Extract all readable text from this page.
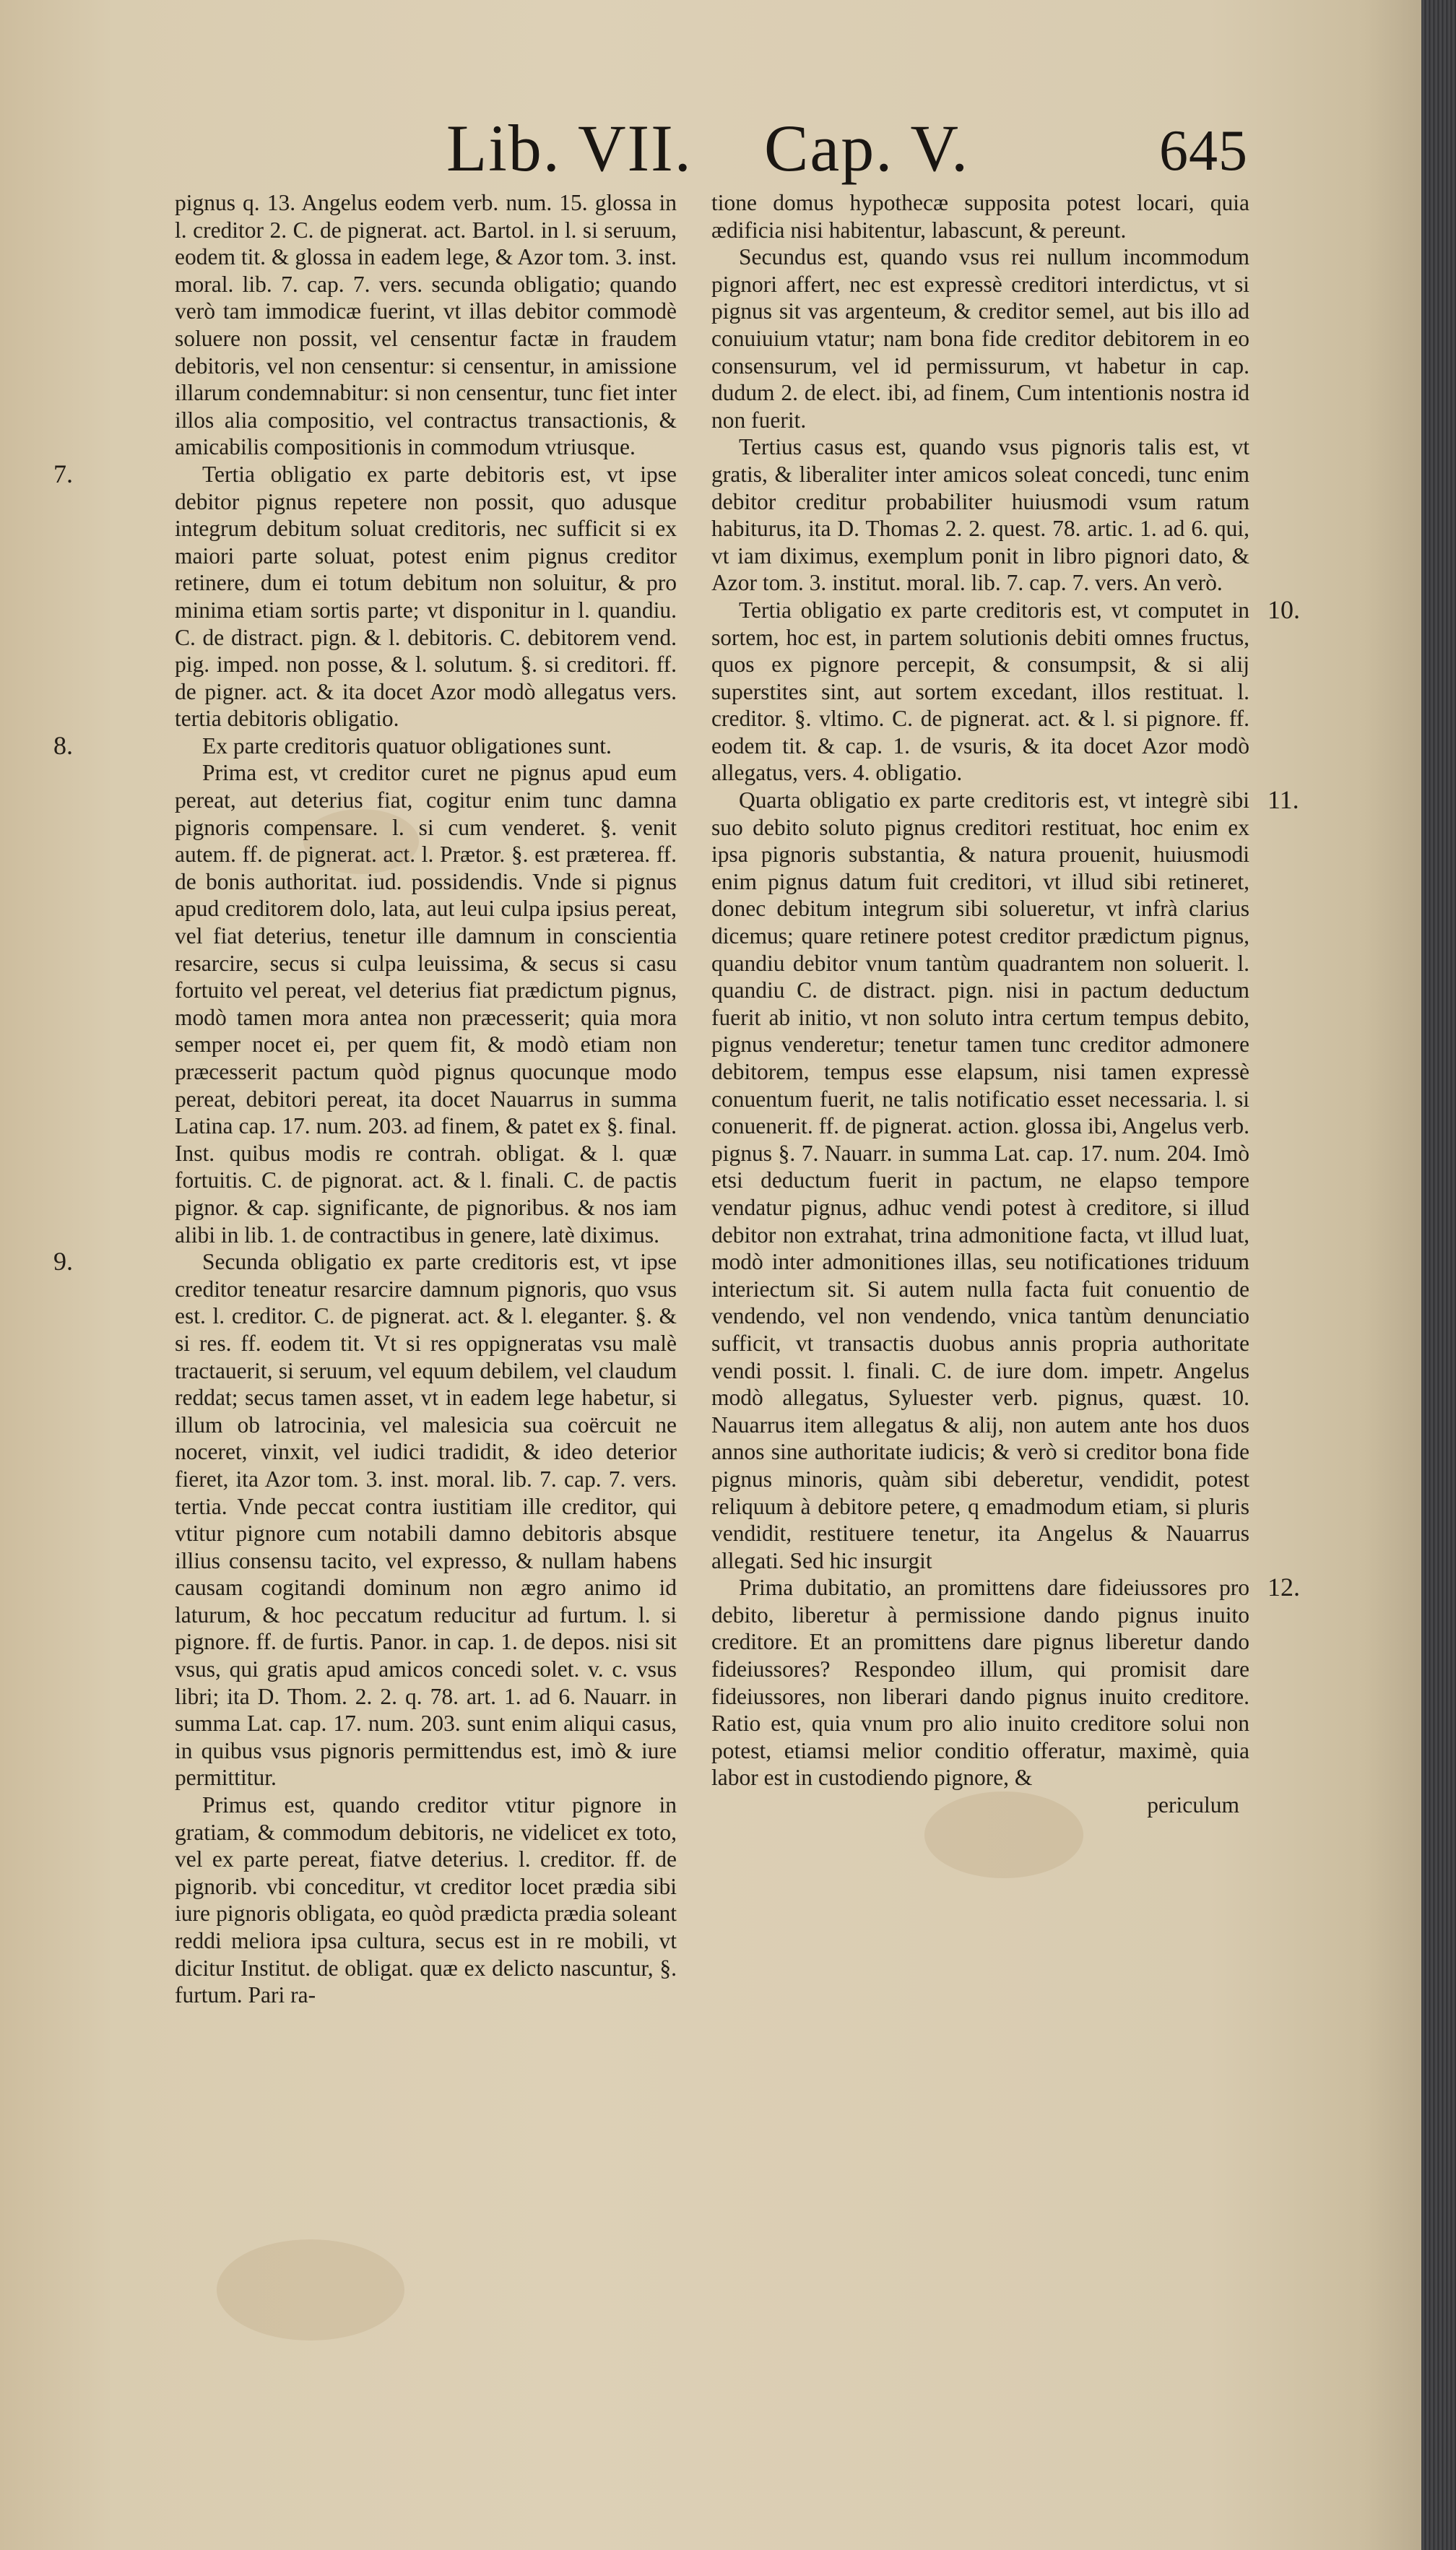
Lib. VII. Cap. V.	645

pignus q. 13. Angelus eodem verb. num. 15. glossa in l. creditor 2. C. de pignerat. act. Bartol. in l. si seruum, eodem tit. & glossa in eadem lege, & Azor tom. 3. inst. moral. lib. 7. cap. 7. vers. secunda obligatio; quando verò tam immodicæ fuerint, vt illas debitor commodè soluere non possit, vel censentur factæ in fraudem debitoris, vel non censentur: si censentur, in amissione illarum condemnabitur: si non censentur, tunc fiet inter illos alia compositio, vel contractus transactionis, & amicabilis compositionis in commodum vtriusque.

Tertia obligatio ex parte debitoris est, vt ipse debitor pignus repetere non possit, quo adusque integrum debitum soluat creditoris, nec sufficit si ex maiori parte soluat, potest enim pignus creditor retinere, dum ei totum debitum non soluitur, & pro minima etiam sortis parte; vt disponitur in l. quandiu. C. de distract. pign. & l. debitoris. C. debitorem vend. pig. imped. non posse, & l. solutum. §. si creditori. ff. de pigner. act. & ita docet Azor modò allegatus vers. tertia debitoris obligatio.

7.

Ex parte creditoris quatuor obligationes sunt.

8.

Prima est, vt creditor curet ne pignus apud eum pereat, aut deterius fiat, cogitur enim tunc damna pignoris compensare. l. si cum venderet. §. venit autem. ff. de pignerat. act. l. Prætor. §. est præterea. ff. de bonis authoritat. iud. possidendis. Vnde si pignus apud creditorem dolo, lata, aut leui culpa ipsius pereat, vel fiat deterius, tenetur ille damnum in conscientia resarcire, secus si culpa leuissima, & secus si casu fortuito vel pereat, vel deterius fiat prædictum pignus, modò tamen mora antea non præcesserit; quia mora semper nocet ei, per quem fit, & modò etiam non præcesserit pactum quòd pignus quocunque modo pereat, debitori pereat, ita docet Nauarrus in summa Latina cap. 17. num. 203. ad finem, & patet ex §. final. Inst. quibus modis re contrah. obligat. & l. quæ fortuitis. C. de pignorat. act. & l. finali. C. de pactis pignor. & cap. significante, de pignoribus. & nos iam alibi in lib. 1. de contractibus in genere, latè diximus.

Secunda obligatio ex parte creditoris est, vt ipse creditor teneatur resarcire damnum pignoris, quo vsus est. l. creditor. C. de pignerat. act. & l. eleganter. §. & si res. ff. eodem tit. Vt si res oppigneratas vsu malè tractauerit, si seruum, vel equum debilem, vel claudum reddat; secus tamen asset, vt in eadem lege habetur, si illum ob latrocinia, vel malesicia sua coërcuit ne noceret, vinxit, vel iudici tradidit, & ideo deterior fieret, ita Azor tom. 3. inst. moral. lib. 7. cap. 7. vers. tertia. Vnde peccat contra iustitiam ille creditor, qui vtitur pignore cum notabili damno debitoris absque illius consensu tacito, vel expresso, & nullam habens causam cogitandi dominum non ægro animo id laturum, & hoc peccatum reducitur ad furtum. l. si pignore. ff. de furtis. Panor. in cap. 1. de depos. nisi sit vsus, qui gratis apud amicos concedi solet. v. c. vsus libri; ita D. Thom. 2. 2. q. 78. art. 1. ad 6. Nauarr. in summa Lat. cap. 17. num. 203. sunt enim aliqui casus, in quibus vsus pignoris permittendus est, imò & iure permittitur.

9.

Primus est, quando creditor vtitur pignore in gratiam, & commodum debitoris, ne videlicet ex toto, vel ex parte pereat, fiatve deterius. l. creditor. ff. de pignorib. vbi conceditur, vt creditor locet prædia sibi iure pignoris obligata, eo quòd prædicta prædia soleant reddi meliora ipsa cultura, secus est in re mobili, vt dicitur Institut. de obligat. quæ ex delicto nascuntur, §. furtum. Pari ra-

tione domus hypothecæ supposita potest locari, quia ædificia nisi habitentur, labascunt, & pereunt.

Secundus est, quando vsus rei nullum incommodum pignori affert, nec est expressè creditori interdictus, vt si pignus sit vas argenteum, & creditor semel, aut bis illo ad conuiuium vtatur; nam bona fide creditor debitorem in eo consensurum, vel id permissurum, vt habetur in cap. dudum 2. de elect. ibi, ad finem, Cum intentionis nostra id non fuerit.

Tertius casus est, quando vsus pignoris talis est, vt gratis, & liberaliter inter amicos soleat concedi, tunc enim debitor creditur probabiliter huiusmodi vsum ratum habiturus, ita D. Thomas 2. 2. quest. 78. artic. 1. ad 6. qui, vt iam diximus, exemplum ponit in libro pignori dato, & Azor tom. 3. institut. moral. lib. 7. cap. 7. vers. An verò.

Tertia obligatio ex parte creditoris est, vt computet in sortem, hoc est, in partem solutionis debiti omnes fructus, quos ex pignore percepit, & consumpsit, & si alij superstites sint, aut sortem excedant, illos restituat. l. creditor. §. vltimo. C. de pignerat. act. & l. si pignore. ff. eodem tit. & cap. 1. de vsuris, & ita docet Azor modò allegatus, vers. 4. obligatio.

10.

Quarta obligatio ex parte creditoris est, vt integrè sibi suo debito soluto pignus creditori restituat, hoc enim ex ipsa pignoris substantia, & natura prouenit, huiusmodi enim pignus datum fuit creditori, vt illud sibi retineret, donec debitum integrum sibi solueretur, vt infrà clarius dicemus; quare retinere potest creditor prædictum pignus, quandiu debitor vnum tantùm quadrantem non soluerit. l. quandiu C. de distract. pign. nisi in pactum deductum fuerit ab initio, vt non soluto intra certum tempus debito, pignus venderetur; tenetur tamen tunc creditor admonere debitorem, tempus esse elapsum, nisi tamen expressè conuentum fuerit, ne talis notificatio esset necessaria. l. si conuenerit. ff. de pignerat. action. glossa ibi, Angelus verb. pignus §. 7. Nauarr. in summa Lat. cap. 17. num. 204. Imò etsi deductum fuerit in pactum, ne elapso tempore vendatur pignus, adhuc vendi potest à creditore, si illud debitor non extrahat, trina admonitione facta, vt illud luat, modò inter admonitiones illas, seu notificationes triduum interiectum sit. Si autem nulla facta fuit conuentio de vendendo, vel non vendendo, vnica tantùm denunciatio sufficit, vt transactis duobus annis propria authoritate vendi possit. l. finali. C. de iure dom. impetr. Angelus modò allegatus, Syluester verb. pignus, quæst. 10. Nauarrus item allegatus & alij, non autem ante hos duos annos sine authoritate iudicis; & verò si creditor bona fide pignus minoris, quàm sibi deberetur, vendidit, potest reliquum à debitore petere, q emadmodum etiam, si pluris vendidit, restituere tenetur, ita Angelus & Nauarrus allegati. Sed hic insurgit

11.

Prima dubitatio, an promittens dare fideiussores pro debito, liberetur à permissione dando pignus inuito creditore. Et an promittens dare pignus liberetur dando fideiussores? Respondeo illum, qui promisit dare fideiussores, non liberari dando pignus inuito creditore. Ratio est, quia vnum pro alio inuito creditore solui non potest, etiamsi melior conditio offeratur, maximè, quia labor est in custodiendo pignore, &

12.

periculum
